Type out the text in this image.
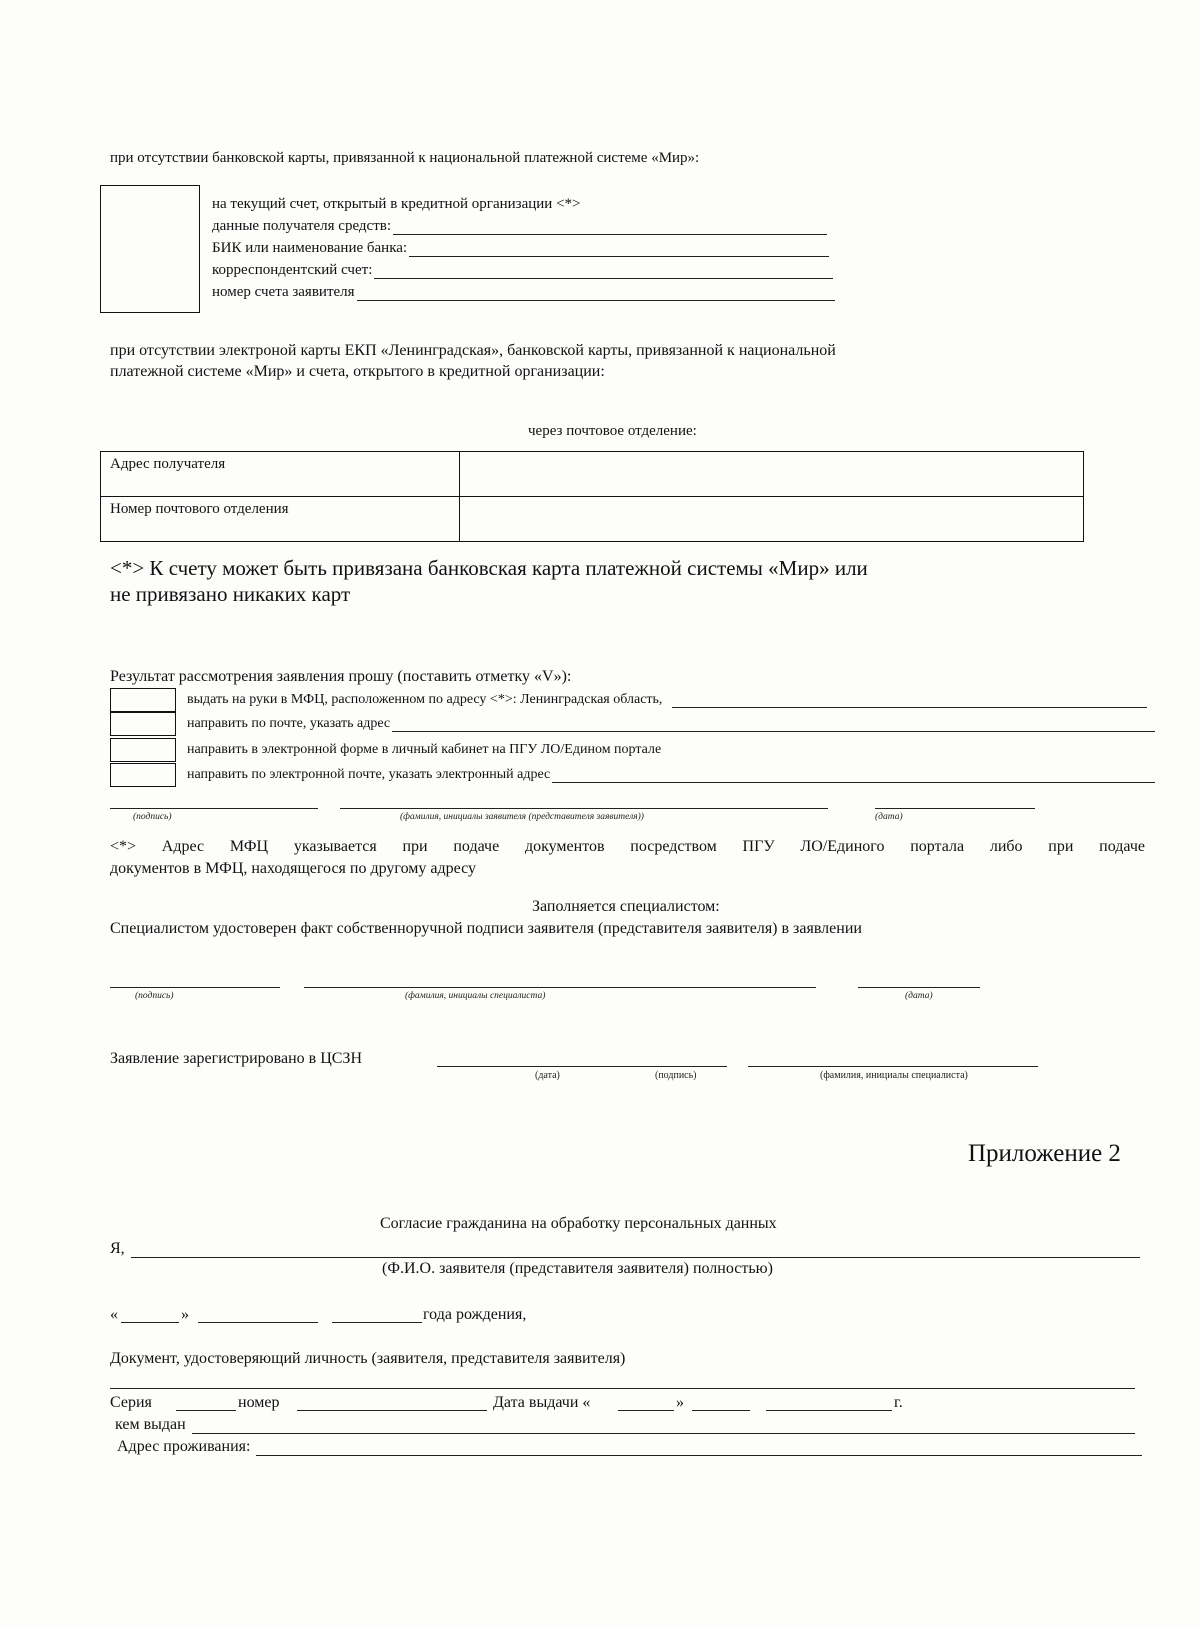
при отсутствии банковской карты, привязанной к национальной платежной системе «Мир»:
на текущий счет, открытый в кредитной организации <*>
данные получателя средств:
БИК или наименование банка:
корреспондентский счет:
номер счета заявителя
при отсутствии электроной карты ЕКП «Ленинградская», банковской карты, привязанной к национальной
платежной системе «Мир» и счета, открытого в кредитной организации:
через почтовое отделение:
Адрес получателя	
Номер почтового отделения	
<*> К счету может быть привязана банковская карта платежной системы «Мир» или
не привязано никаких карт
Результат рассмотрения заявления прошу (поставить отметку «V»):
выдать на руки в МФЦ, расположенном по адресу <*>: Ленинградская область,
направить по почте, указать адрес
направить в электронной форме в личный кабинет на ПГУ ЛО/Едином портале
направить по электронной почте, указать электронный адрес
(подпись)	(фамилия, инициалы заявителя (представителя заявителя))	(дата)
<*> Адрес МФЦ указывается при подаче документов посредством ПГУ ЛО/Единого портала либо при подаче
документов в МФЦ, находящегося по другому адресу
Заполняется специалистом:
Специалистом удостоверен факт собственноручной подписи заявителя (представителя заявителя) в заявлении
(подпись)	(фамилия, инициалы специалиста)	(дата)
Заявление зарегистрировано в ЦСЗН
(дата)	(подпись)	(фамилия, инициалы специалиста)
Приложение 2
Согласие гражданина на обработку персональных данных
Я,
(Ф.И.О. заявителя (представителя заявителя) полностью)
«	»	года рождения,
Документ, удостоверяющий личность (заявителя, представителя заявителя)
Серия	номер	Дата выдачи «	»	г.
кем выдан
Адрес проживания:
